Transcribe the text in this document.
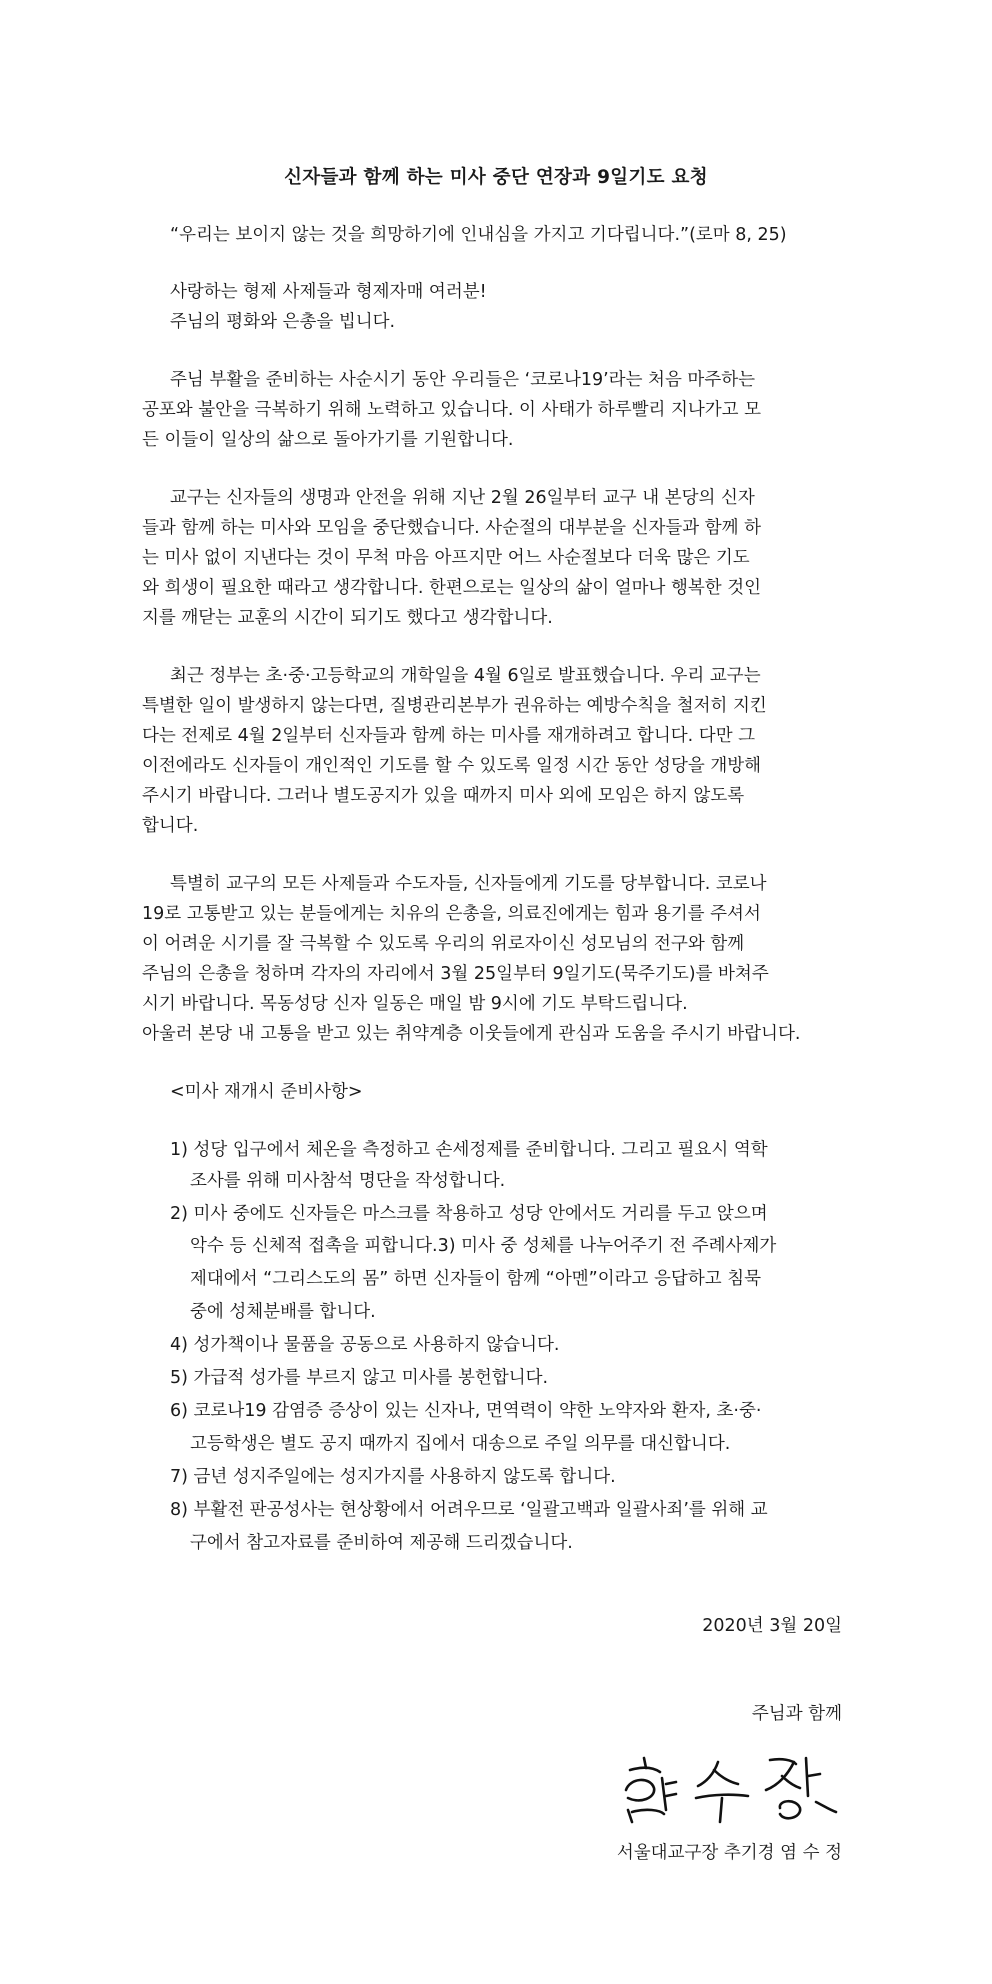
신자들과 함께 하는 미사 중단 연장과 9일기도 요청
“우리는 보이지 않는 것을 희망하기에 인내심을 가지고 기다립니다.”(로마 8, 25)
사랑하는 형제 사제들과 형제자매 여러분!
주님의 평화와 은총을 빕니다.
주님 부활을 준비하는 사순시기 동안 우리들은 ‘코로나19’라는 처음 마주하는
공포와 불안을 극복하기 위해 노력하고 있습니다. 이 사태가 하루빨리 지나가고 모
든 이들이 일상의 삶으로 돌아가기를 기원합니다.
교구는 신자들의 생명과 안전을 위해 지난 2월 26일부터 교구 내 본당의 신자
들과 함께 하는 미사와 모임을 중단했습니다. 사순절의 대부분을 신자들과 함께 하
는 미사 없이 지낸다는 것이 무척 마음 아프지만 어느 사순절보다 더욱 많은 기도
와 희생이 필요한 때라고 생각합니다. 한편으로는 일상의 삶이 얼마나 행복한 것인
지를 깨닫는 교훈의 시간이 되기도 했다고 생각합니다.
최근 정부는 초·중·고등학교의 개학일을 4월 6일로 발표했습니다. 우리 교구는
특별한 일이 발생하지 않는다면, 질병관리본부가 권유하는 예방수칙을 철저히 지킨
다는 전제로 4월 2일부터 신자들과 함께 하는 미사를 재개하려고 합니다. 다만 그
이전에라도 신자들이 개인적인 기도를 할 수 있도록 일정 시간 동안 성당을 개방해
주시기 바랍니다. 그러나 별도공지가 있을 때까지 미사 외에 모임은 하지 않도록
합니다.
특별히 교구의 모든 사제들과 수도자들, 신자들에게 기도를 당부합니다. 코로나
19로 고통받고 있는 분들에게는 치유의 은총을, 의료진에게는 힘과 용기를 주셔서
이 어려운 시기를 잘 극복할 수 있도록 우리의 위로자이신 성모님의 전구와 함께
주님의 은총을 청하며 각자의 자리에서 3월 25일부터 9일기도(묵주기도)를 바쳐주
시기 바랍니다. 목동성당 신자 일동은 매일 밤 9시에 기도 부탁드립니다.
아울러 본당 내 고통을 받고 있는 취약계층 이웃들에게 관심과 도움을 주시기 바랍니다.
<미사 재개시 준비사항>
1) 성당 입구에서 체온을 측정하고 손세정제를 준비합니다. 그리고 필요시 역학
조사를 위해 미사참석 명단을 작성합니다.
2) 미사 중에도 신자들은 마스크를 착용하고 성당 안에서도 거리를 두고 앉으며
악수 등 신체적 접촉을 피합니다.3) 미사 중 성체를 나누어주기 전 주례사제가
제대에서 “그리스도의 몸” 하면 신자들이 함께 “아멘”이라고 응답하고 침묵
중에 성체분배를 합니다.
4) 성가책이나 물품을 공동으로 사용하지 않습니다.
5) 가급적 성가를 부르지 않고 미사를 봉헌합니다.
6) 코로나19 감염증 증상이 있는 신자나, 면역력이 약한 노약자와 환자, 초·중·
고등학생은 별도 공지 때까지 집에서 대송으로 주일 의무를 대신합니다.
7) 금년 성지주일에는 성지가지를 사용하지 않도록 합니다.
8) 부활전 판공성사는 현상황에서 어려우므로 ‘일괄고백과 일괄사죄’를 위해 교
구에서 참고자료를 준비하여 제공해 드리겠습니다.
2020년 3월 20일
주님과 함께
서울대교구장 추기경 염 수 정
